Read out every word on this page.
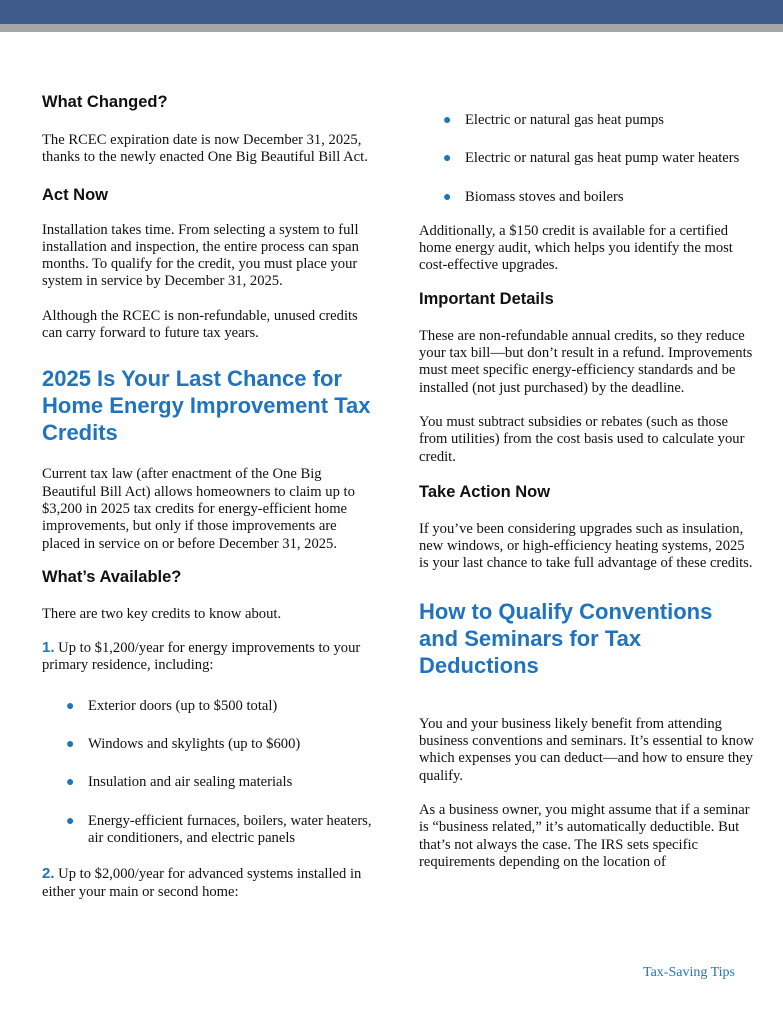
What Changed?

The RCEC expiration date is now December 31, 2025, thanks to the newly enacted One Big Beautiful Bill Act.

Act Now

Installation takes time. From selecting a system to full installation and inspection, the entire process can span months. To qualify for the credit, you must place your system in service by December 31, 2025.

Although the RCEC is non-refundable, unused credits can carry forward to future tax years.

2025 Is Your Last Chance for Home Energy Improvement Tax Credits

Current tax law (after enactment of the One Big Beautiful Bill Act) allows homeowners to claim up to $3,200 in 2025 tax credits for energy-efficient home improvements, but only if those improvements are placed in service on or before December 31, 2025.

What’s Available?

There are two key credits to know about.

1. Up to $1,200/year for energy improvements to your primary residence, including:

● Exterior doors (up to $500 total)
● Windows and skylights (up to $600)
● Insulation and air sealing materials
● Energy-efficient furnaces, boilers, water heaters, air conditioners, and electric panels

2. Up to $2,000/year for advanced systems installed in either your main or second home:

● Electric or natural gas heat pumps
● Electric or natural gas heat pump water heaters
● Biomass stoves and boilers

Additionally, a $150 credit is available for a certified home energy audit, which helps you identify the most cost-effective upgrades.

Important Details

These are non-refundable annual credits, so they reduce your tax bill—but don’t result in a refund. Improvements must meet specific energy-efficiency standards and be installed (not just purchased) by the deadline.

You must subtract subsidies or rebates (such as those from utilities) from the cost basis used to calculate your credit.

Take Action Now

If you’ve been considering upgrades such as insulation, new windows, or high-efficiency heating systems, 2025 is your last chance to take full advantage of these credits.

How to Qualify Conventions and Seminars for Tax Deductions

You and your business likely benefit from attending business conventions and seminars. It’s essential to know which expenses you can deduct—and how to ensure they qualify.

As a business owner, you might assume that if a seminar is “business related,” it’s automatically deductible. But that’s not always the case. The IRS sets specific requirements depending on the location of

Tax-Saving Tips
